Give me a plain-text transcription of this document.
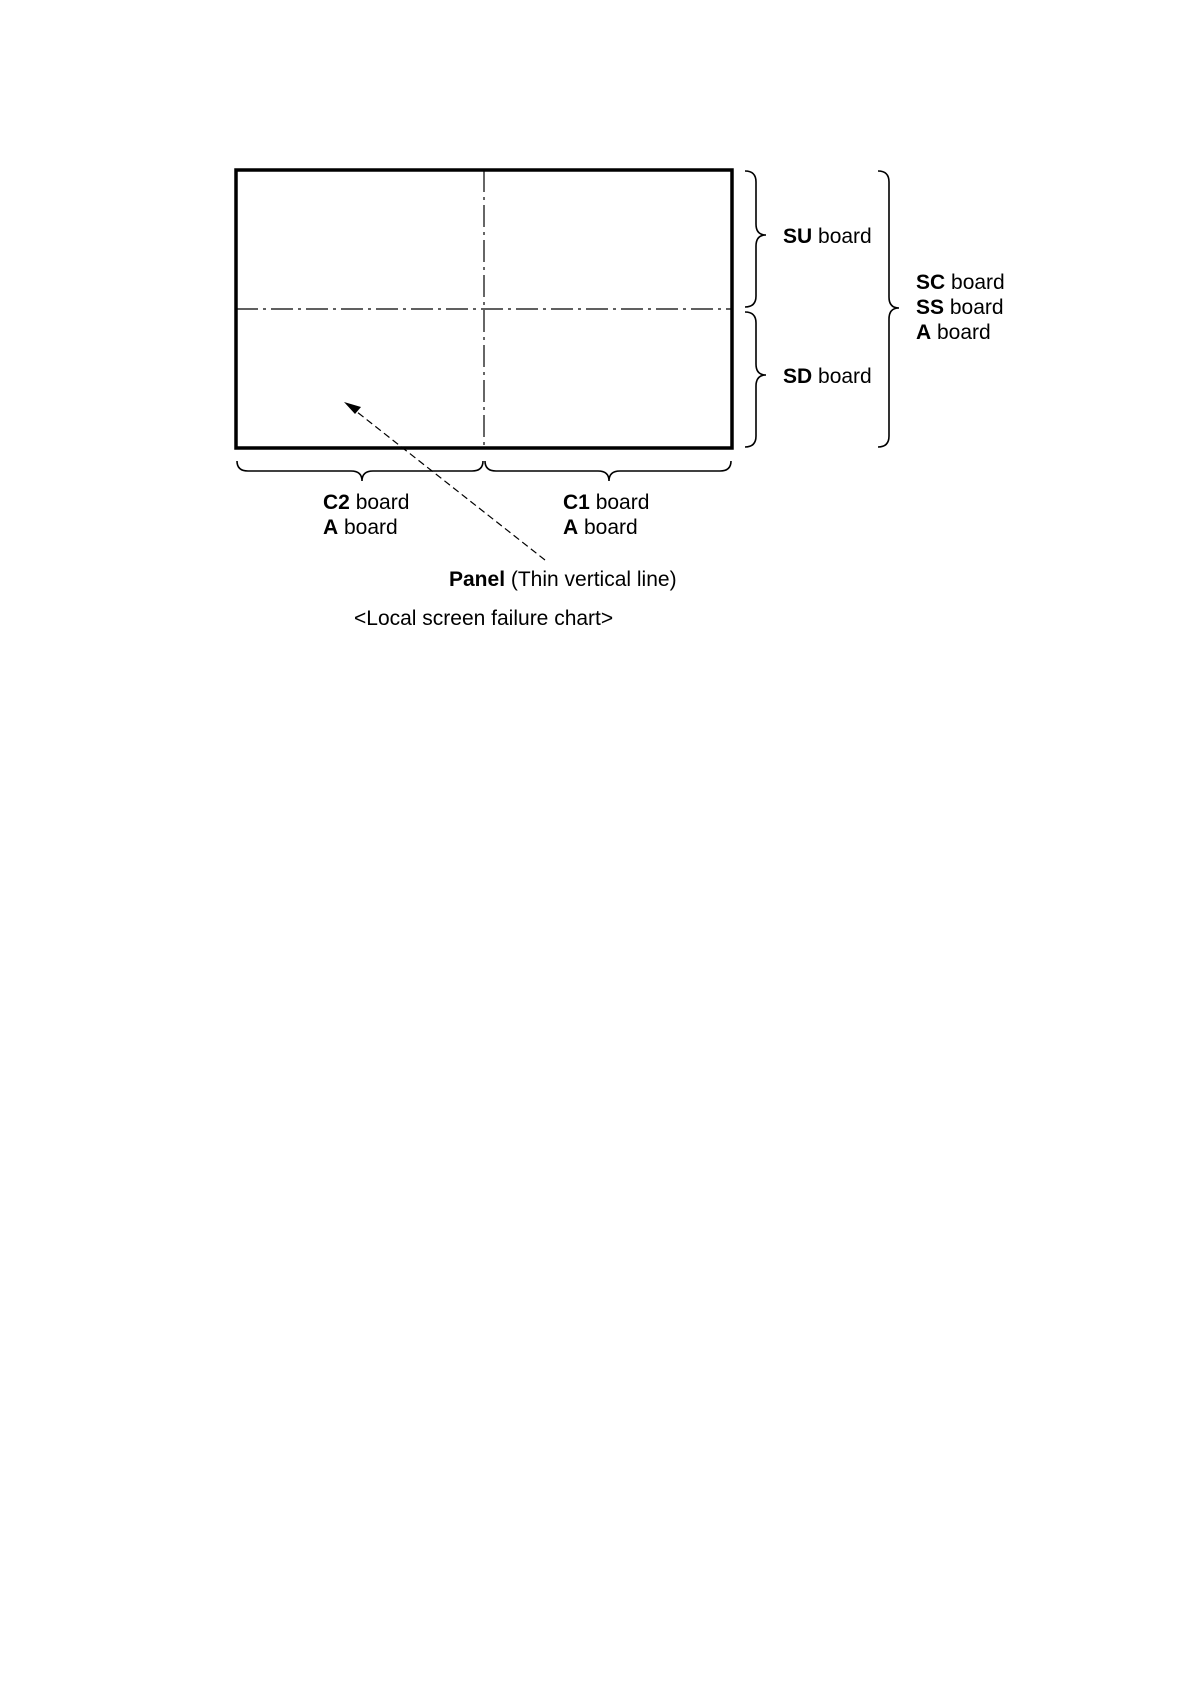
SU board
SD board
SC board
SS board
A board
C2 board
A board
C1 board
A board
Panel (Thin vertical line)
<Local screen failure chart>
